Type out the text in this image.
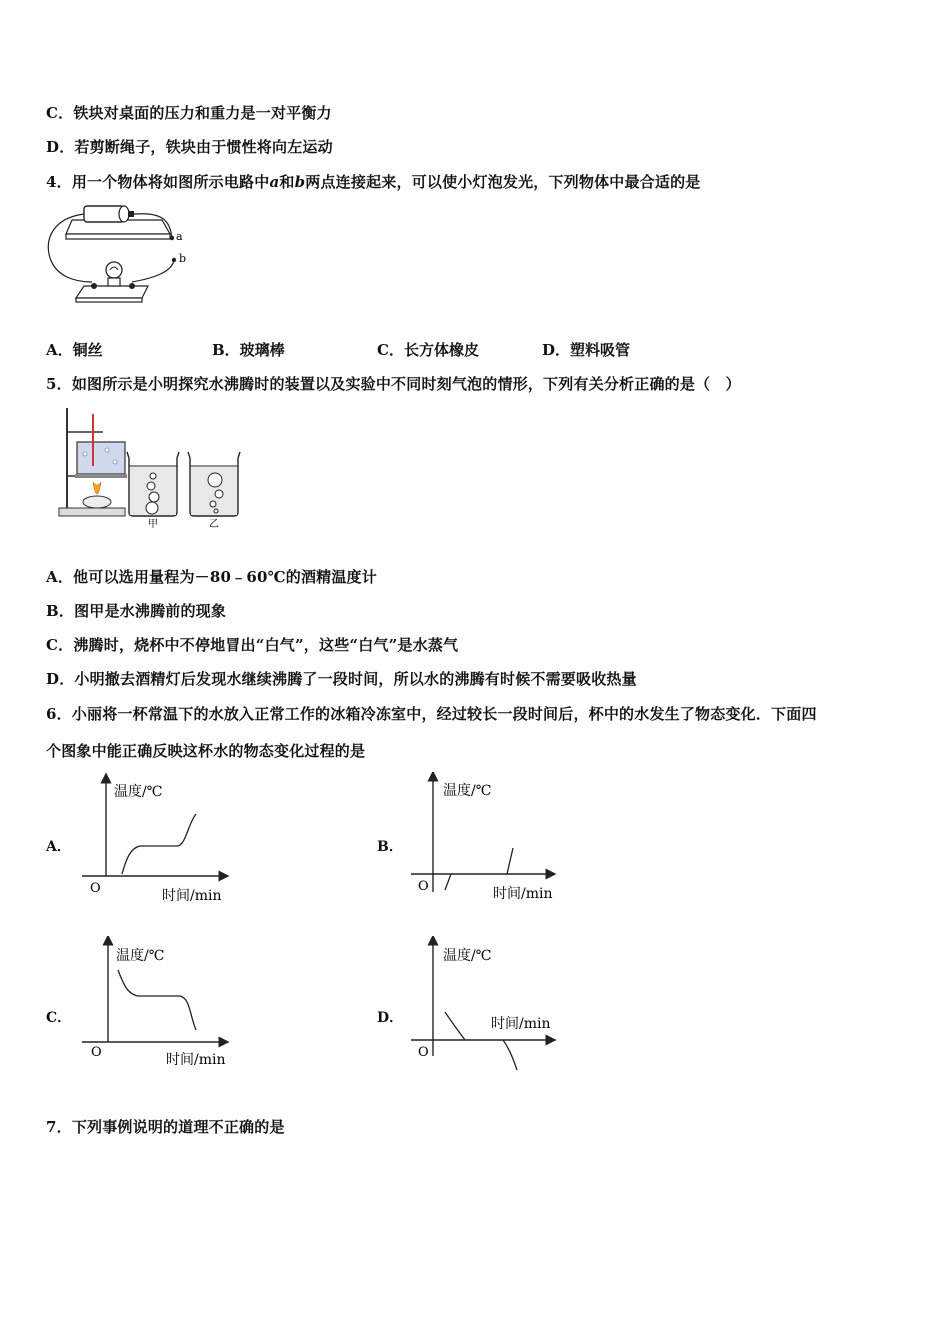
C．铁块对桌面的压力和重力是一对平衡力
D．若剪断绳子，铁块由于惯性将向左运动
4．用一个物体将如图所示电路中a和b两点连接起来，可以使小灯泡发光，下列物体中最合适的是
a
b
A．铜丝	B．玻璃棒	C．长方体橡皮	D．塑料吸管
5．如图所示是小明探究水沸腾时的装置以及实验中不同时刻气泡的情形，下列有关分析正确的是（　）
甲	乙
A．他可以选用量程为－80﹣60℃的酒精温度计
B．图甲是水沸腾前的现象
C．沸腾时，烧杯中不停地冒出“白气”，这些“白气”是水蒸气
D．小明撤去酒精灯后发现水继续沸腾了一段时间，所以水的沸腾有时候不需要吸收热量
6．小丽将一杯常温下的水放入正常工作的冰箱冷冻室中，经过较长一段时间后，杯中的水发生了物态变化．下面四
个图象中能正确反映这杯水的物态变化过程的是
A．
温度/℃
时间/min
O
B．
温度/℃
时间/min
O
C．
温度/℃
时间/min
O
D．
温度/℃
时间/min
O
7．下列事例说明的道理不正确的是
